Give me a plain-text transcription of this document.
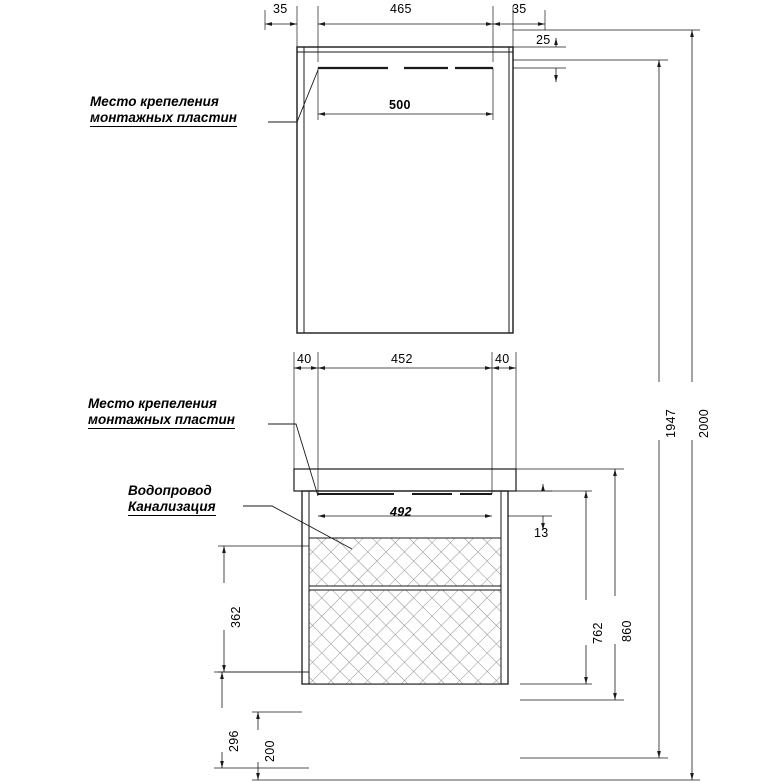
35	465	35
25
500
Место крепеления
монтажных пластин
40	452	40
492
13
Место крепеления
монтажных пластин
Водопровод
Канализация
362
296 200
762 860
1947 2000
